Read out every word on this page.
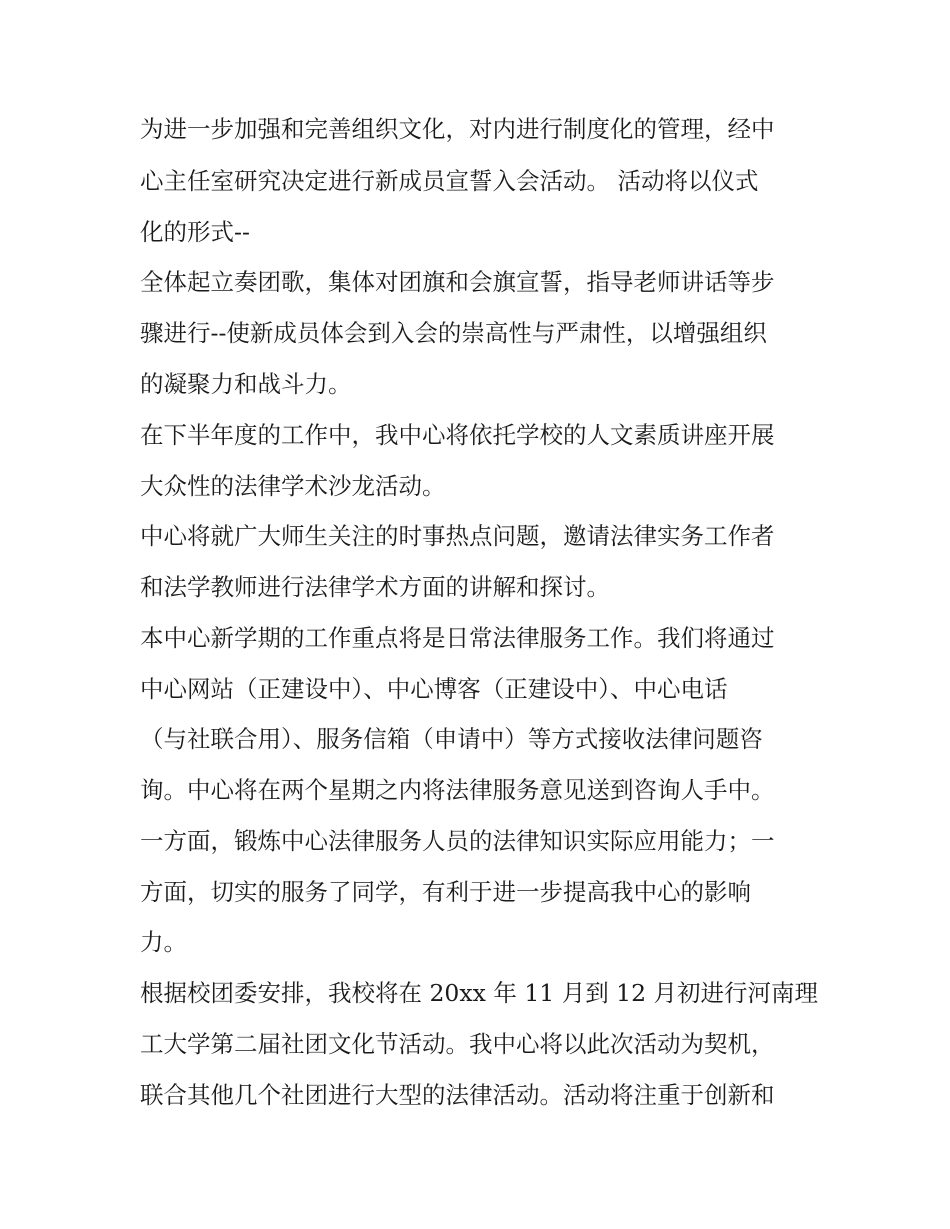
为进一步加强和完善组织文化，对内进行制度化的管理，经中
心主任室研究决定进行新成员宣誓入会活动。 活动将以仪式
化的形式--
全体起立奏团歌，集体对团旗和会旗宣誓，指导老师讲话等步
骤进行--使新成员体会到入会的崇高性与严肃性，以增强组织
的凝聚力和战斗力。
在下半年度的工作中，我中心将依托学校的人文素质讲座开展
大众性的法律学术沙龙活动。
中心将就广大师生关注的时事热点问题，邀请法律实务工作者
和法学教师进行法律学术方面的讲解和探讨。
本中心新学期的工作重点将是日常法律服务工作。我们将通过
中心网站（正建设中）、中心博客（正建设中）、中心电话
（与社联合用）、服务信箱（申请中）等方式接收法律问题咨
询。中心将在两个星期之内将法律服务意见送到咨询人手中。
一方面，锻炼中心法律服务人员的法律知识实际应用能力；一
方面，切实的服务了同学，有利于进一步提高我中心的影响
力。
根据校团委安排，我校将在 20xx 年 11 月到 12 月初进行河南理
工大学第二届社团文化节活动。我中心将以此次活动为契机，
联合其他几个社团进行大型的法律活动。活动将注重于创新和
